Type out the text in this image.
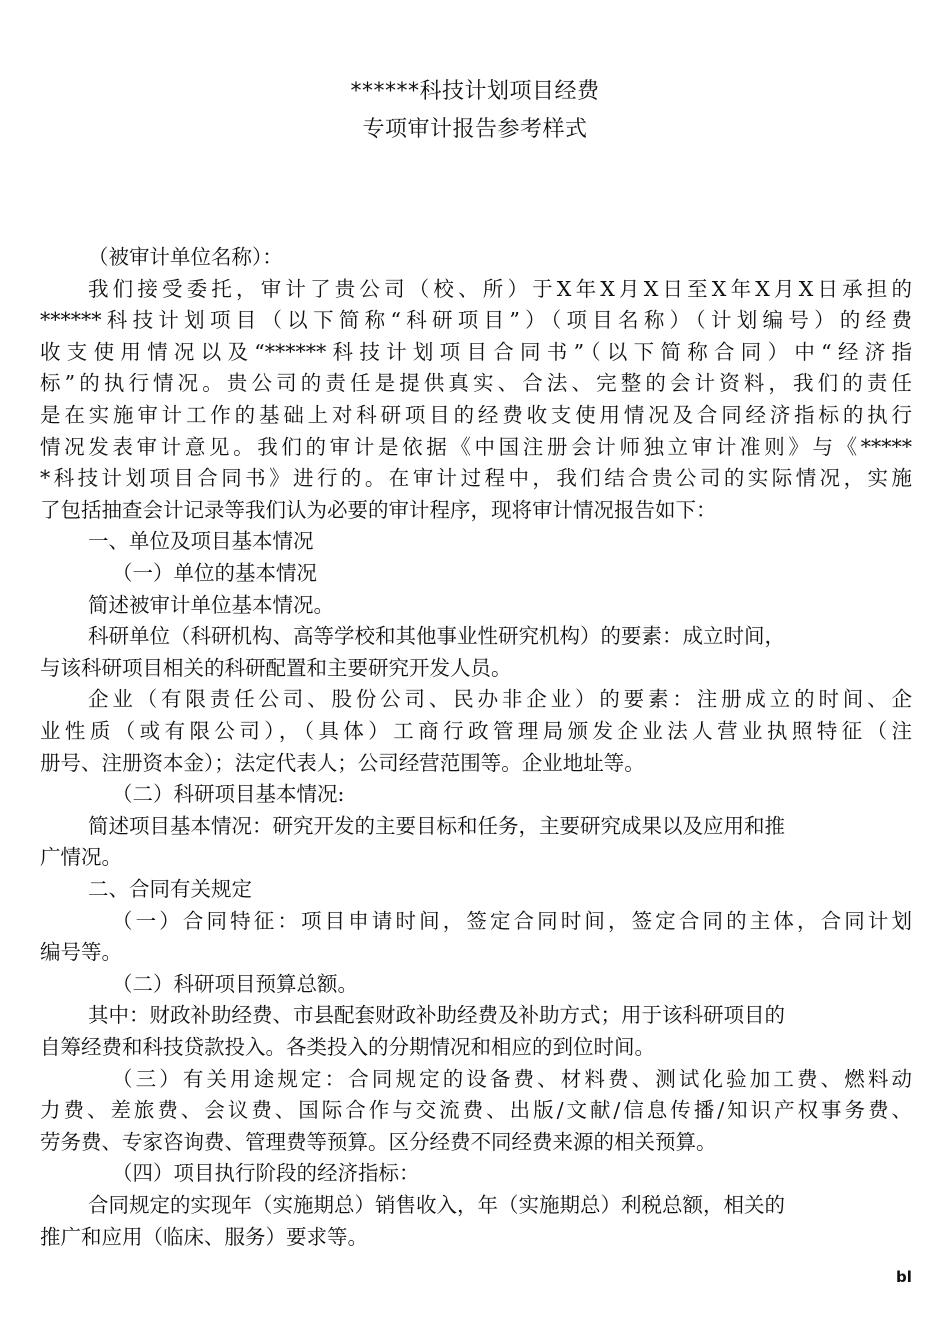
******科技计划项目经费
专项审计报告参考样式
（被审计单位名称）：
我们接受委托，审计了贵公司（校、所）于X年X月X日至X年X月X日承担的
******科技计划项目（以下简称“科研项目”）（项目名称）（计划编号）的经费
收支使用情况以及“******科技计划项目合同书”（以下简称合同）中“经济指
标”的执行情况。贵公司的责任是提供真实、合法、完整的会计资料，我们的责任
是在实施审计工作的基础上对科研项目的经费收支使用情况及合同经济指标的执行
情况发表审计意见。我们的审计是依据《中国注册会计师独立审计准则》与《*****
*科技计划项目合同书》进行的。在审计过程中，我们结合贵公司的实际情况，实施
了包括抽查会计记录等我们认为必要的审计程序，现将审计情况报告如下：
一、单位及项目基本情况
（一）单位的基本情况
简述被审计单位基本情况。
科研单位（科研机构、高等学校和其他事业性研究机构）的要素：成立时间，
与该科研项目相关的科研配置和主要研究开发人员。
企业（有限责任公司、股份公司、民办非企业）的要素：注册成立的时间、企
业性质（或有限公司），（具体）工商行政管理局颁发企业法人营业执照特征（注
册号、注册资本金）；法定代表人；公司经营范围等。企业地址等。
（二）科研项目基本情况:
简述项目基本情况：研究开发的主要目标和任务，主要研究成果以及应用和推
广情况。
二、合同有关规定
（一）合同特征：项目申请时间，签定合同时间，签定合同的主体，合同计划
编号等。
（二）科研项目预算总额。
其中：财政补助经费、市县配套财政补助经费及补助方式；用于该科研项目的
自筹经费和科技贷款投入。各类投入的分期情况和相应的到位时间。
（三）有关用途规定：合同规定的设备费、材料费、测试化验加工费、燃料动
力费、差旅费、会议费、国际合作与交流费、出版/文献/信息传播/知识产权事务费、
劳务费、专家咨询费、管理费等预算。区分经费不同经费来源的相关预算。
（四）项目执行阶段的经济指标：
合同规定的实现年（实施期总）销售收入，年（实施期总）利税总额，相关的
推广和应用（临床、服务）要求等。
bl
